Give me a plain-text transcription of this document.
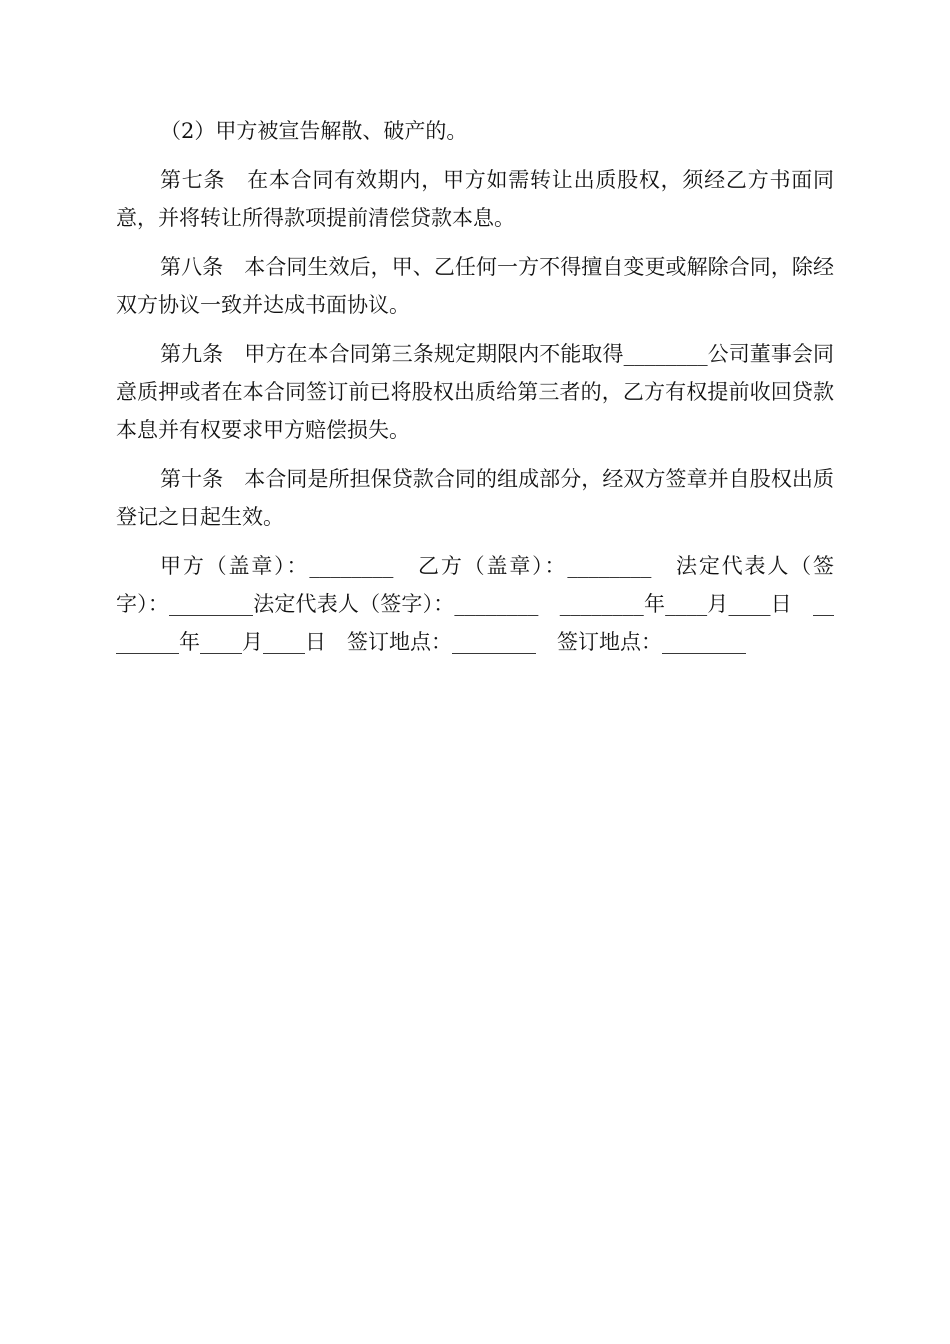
（2）甲方被宣告解散、破产的。

第七条　在本合同有效期内，甲方如需转让出质股权，须经乙方书面同意，并将转让所得款项提前清偿贷款本息。

第八条　本合同生效后，甲、乙任何一方不得擅自变更或解除合同，除经双方协议一致并达成书面协议。

第九条　甲方在本合同第三条规定期限内不能取得________公司董事会同意质押或者在本合同签订前已将股权出质给第三者的，乙方有权提前收回贷款本息并有权要求甲方赔偿损失。

第十条　本合同是所担保贷款合同的组成部分，经双方签章并自股权出质登记之日起生效。

甲方（盖章）：________　乙方（盖章）：________　法定代表人（签字）：________法定代表人（签字）：________　________年____月____日　________年____月____日　签订地点：________　签订地点：________
